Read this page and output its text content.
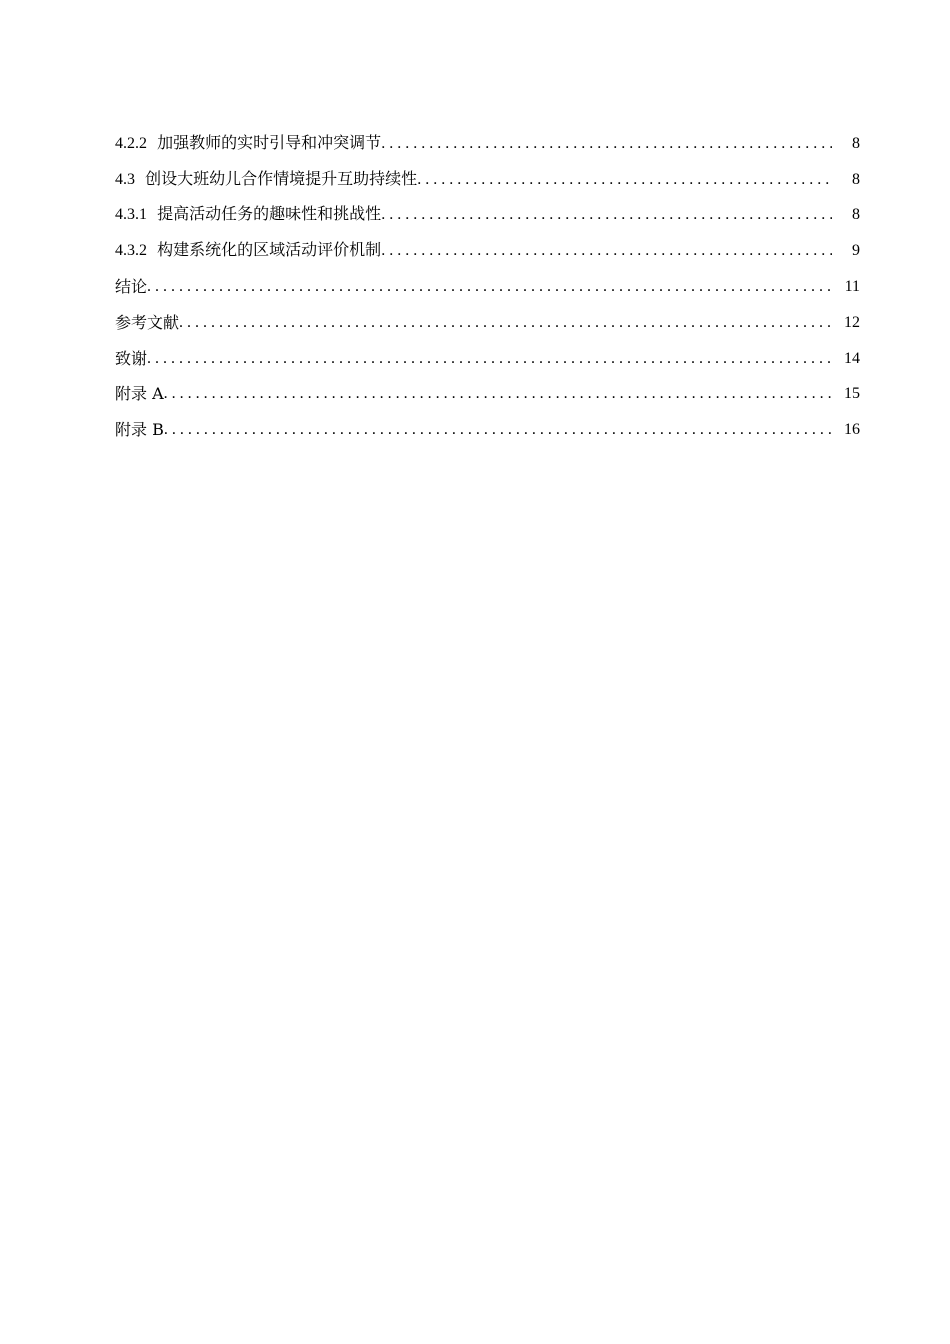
4.2.2 加强教师的实时引导和冲突调节 . . .	8
4.3 创设大班幼儿合作情境提升互助持续性 . . .	8
4.3.1 提高活动任务的趣味性和挑战性 . . .	8
4.3.2 构建系统化的区域活动评价机制 . . .	9
结论 . . .	11
参考文献 . . .	12
致谢 . . .	14
附录 A . . .	15
附录 B . . .	16
